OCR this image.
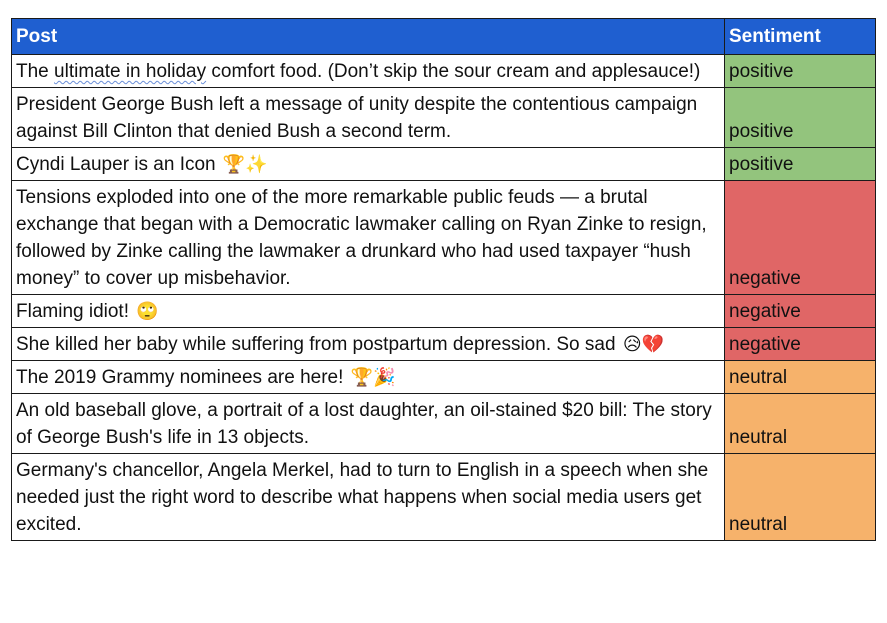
Post	Sentiment
The ultimate in holiday comfort food. (Don’t skip the sour cream and applesauce!)	positive
President George Bush left a message of unity despite the contentious campaign against Bill Clinton that denied Bush a second term.	positive
Cyndi Lauper is an Icon 🏆✨	positive
Tensions exploded into one of the more remarkable public feuds — a brutal exchange that began with a Democratic lawmaker calling on Ryan Zinke to resign, followed by Zinke calling the lawmaker a drunkard who had used taxpayer “hush money” to cover up misbehavior.	negative
Flaming idiot! 🙄	negative
She killed her baby while suffering from postpartum depression. So sad 😥💔	negative
The 2019 Grammy nominees are here! 🏆🎉	neutral
An old baseball glove, a portrait of a lost daughter, an oil-stained $20 bill: The story of George Bush's life in 13 objects.	neutral
Germany's chancellor, Angela Merkel, had to turn to English in a speech when she needed just the right word to describe what happens when social media users get excited.	neutral
